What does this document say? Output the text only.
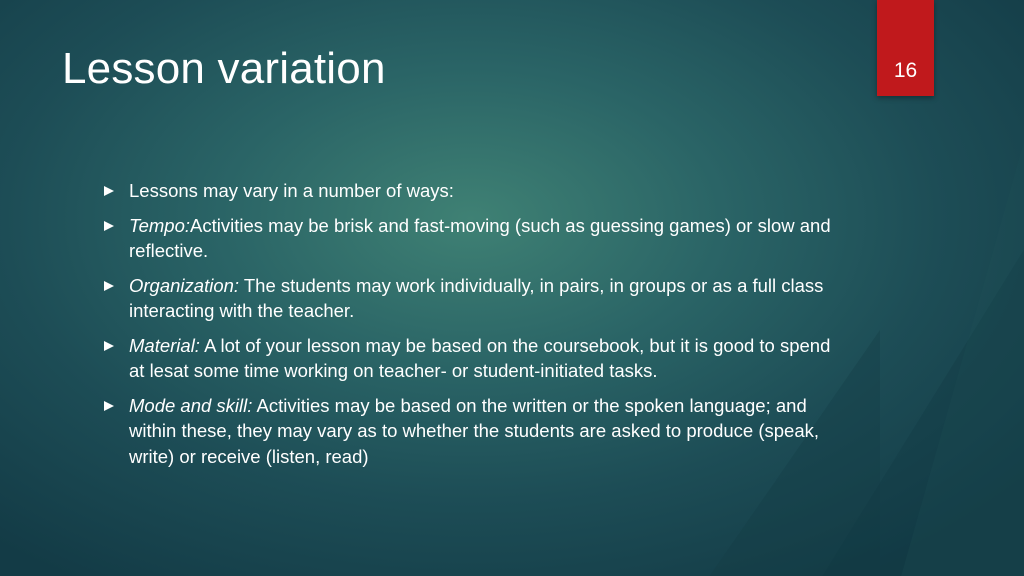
Lesson variation	16
Lessons may vary in a number of ways:
Tempo:Activities may be brisk and fast-moving (such as guessing games) or slow and reflective.
Organization: The students may work individually, in pairs, in groups or as a full class interacting with the teacher.
Material: A lot of your lesson may be based on the coursebook, but it is good to spend at lesat some time working on teacher- or student-initiated tasks.
Mode and skill: Activities may be based on the written or the spoken language; and within these, they may vary as to whether the students are asked to produce (speak, write) or receive (listen, read)
